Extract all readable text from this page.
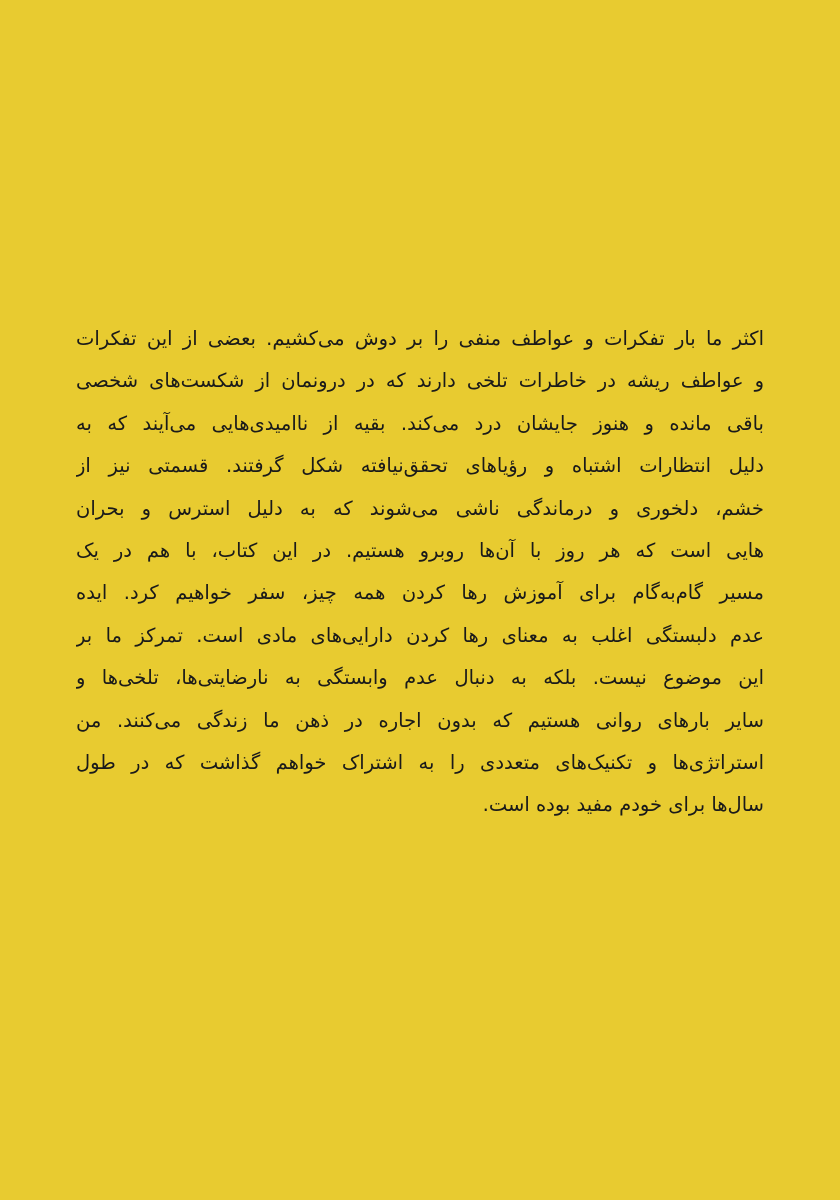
اکثر ما بار تفکرات و عواطف منفی را بر دوش می‌کشیم. بعضی از این تفکرات
و عواطف ریشه در خاطرات تلخی دارند که در درونمان از شکست‌های شخصی
باقی مانده و هنوز جایشان درد می‌کند. بقیه از ناامیدی‌هایی می‌آیند که به
دلیل انتظارات اشتباه و رؤیاهای تحقق‌نیافته شکل گرفتند. قسمتی نیز از
خشم، دلخوری و درماندگی ناشی می‌شوند که به دلیل استرس و بحران
هایی است که هر روز با آن‌ها روبرو هستیم. در این کتاب، با هم در یک
مسیر گام‌به‌گام برای آموزش رها کردن همه چیز، سفر خواهیم کرد. ایده
عدم دلبستگی اغلب به معنای رها کردن دارایی‌های مادی است. تمرکز ما بر
این موضوع نیست. بلکه به دنبال عدم وابستگی به نارضایتی‌ها، تلخی‌ها و
سایر بارهای روانی هستیم که بدون اجاره در ذهن ما زندگی می‌کنند. من
استراتژی‌ها و تکنیک‌های متعددی را به اشتراک خواهم گذاشت که در طول
سال‌ها برای خودم مفید بوده است.
